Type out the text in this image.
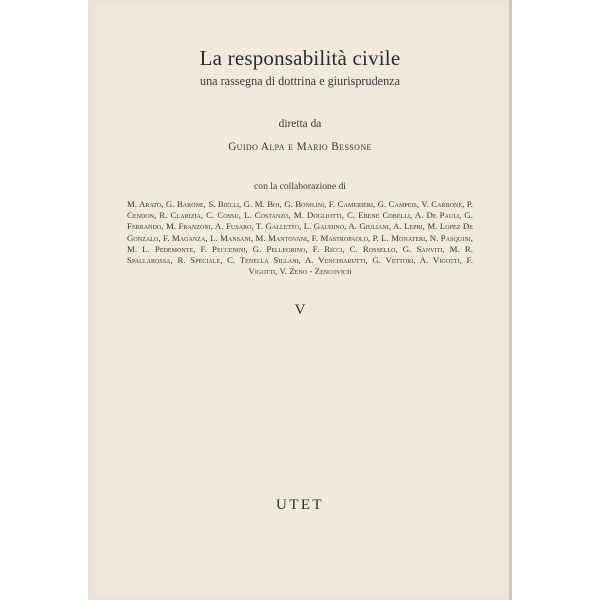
La responsabilità civile
una rassegna di dottrina e giurisprudenza
diretta da
Guido Alpa e Mario Bessone
con la collaborazione di
M. Arato, G. Barone, S. Bielli, G. M. Boi, G. Bonilini, F. Camerieri, G. Campeis, V. Carbone, P. Cendon, R. Clarizia, C. Cossu, L. Costanzo, M. Dogliotti, C. Ebene Cobelli, A. De Pauli, G. Ferrando, M. Franzoni, A. Fusaro, T. Galletto, L. Gaudino, A. Giuliani, A. Lepri, M. Lopez De Gonzalo, F. Maganza, L. Mansani, M. Mantovani, F. Mastropaolo, P. L. Monateri, N. Pasquini, M. L. Pedemonte, F. Peccenini, G. Pellegrino, F. Ricci, C. Rossello, G. Sanviti, M. R. Spallarossa, R. Speciale, C. Tenella Sillani, A. Venchiarutti, G. Vettori, A. Vigotti, F. Vigotti, V. Zeno - Zencovich
V
UTET
